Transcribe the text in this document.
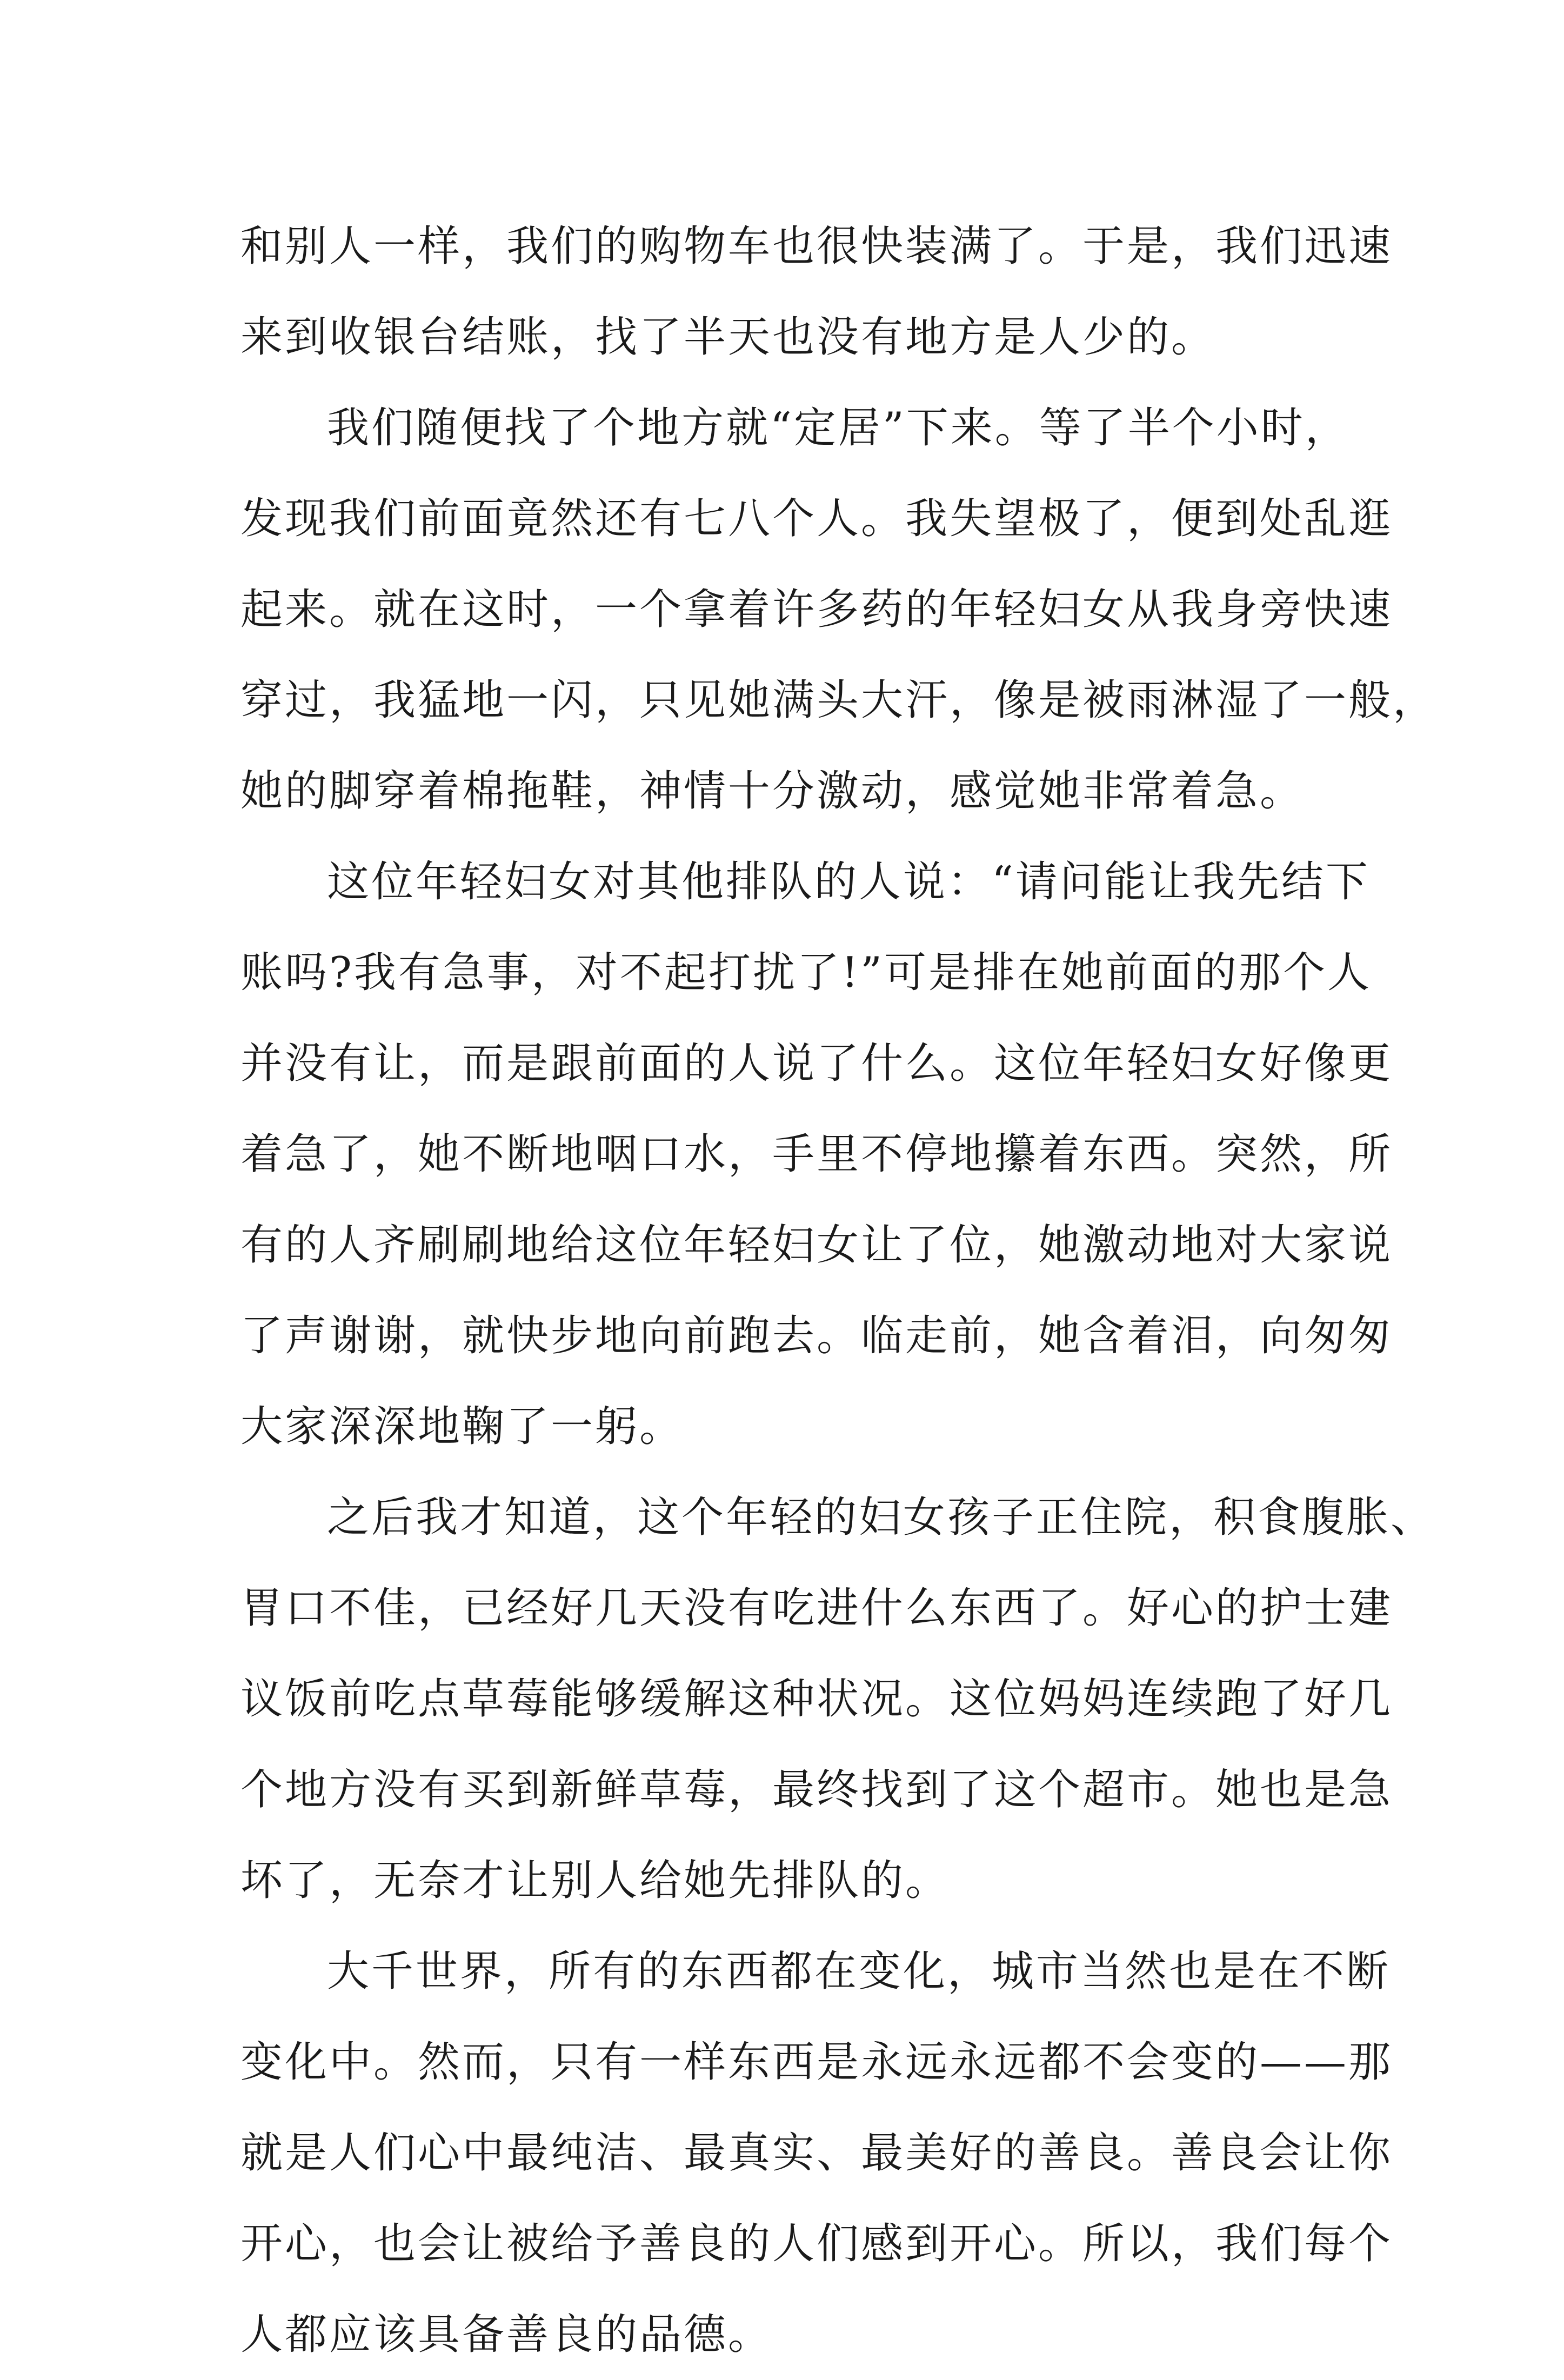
和别人一样，我们的购物车也很快装满了。于是，我们迅速
来到收银台结账，找了半天也没有地方是人少的。
我们随便找了个地方就“定居”下来。等了半个小时，
发现我们前面竟然还有七八个人。我失望极了，便到处乱逛
起来。就在这时，一个拿着许多药的年轻妇女从我身旁快速
穿过，我猛地一闪，只见她满头大汗，像是被雨淋湿了一般，
她的脚穿着棉拖鞋，神情十分激动，感觉她非常着急。
这位年轻妇女对其他排队的人说：“请问能让我先结下
账吗?我有急事，对不起打扰了!”可是排在她前面的那个人
并没有让，而是跟前面的人说了什么。这位年轻妇女好像更
着急了，她不断地咽口水，手里不停地攥着东西。突然，所
有的人齐刷刷地给这位年轻妇女让了位，她激动地对大家说
了声谢谢，就快步地向前跑去。临走前，她含着泪，向匆匆
大家深深地鞠了一躬。
之后我才知道，这个年轻的妇女孩子正住院，积食腹胀、
胃口不佳，已经好几天没有吃进什么东西了。好心的护士建
议饭前吃点草莓能够缓解这种状况。这位妈妈连续跑了好几
个地方没有买到新鲜草莓，最终找到了这个超市。她也是急
坏了，无奈才让别人给她先排队的。
大千世界，所有的东西都在变化，城市当然也是在不断
变化中。然而，只有一样东西是永远永远都不会变的——那
就是人们心中最纯洁、最真实、最美好的善良。善良会让你
开心，也会让被给予善良的人们感到开心。所以，我们每个
人都应该具备善良的品德。
